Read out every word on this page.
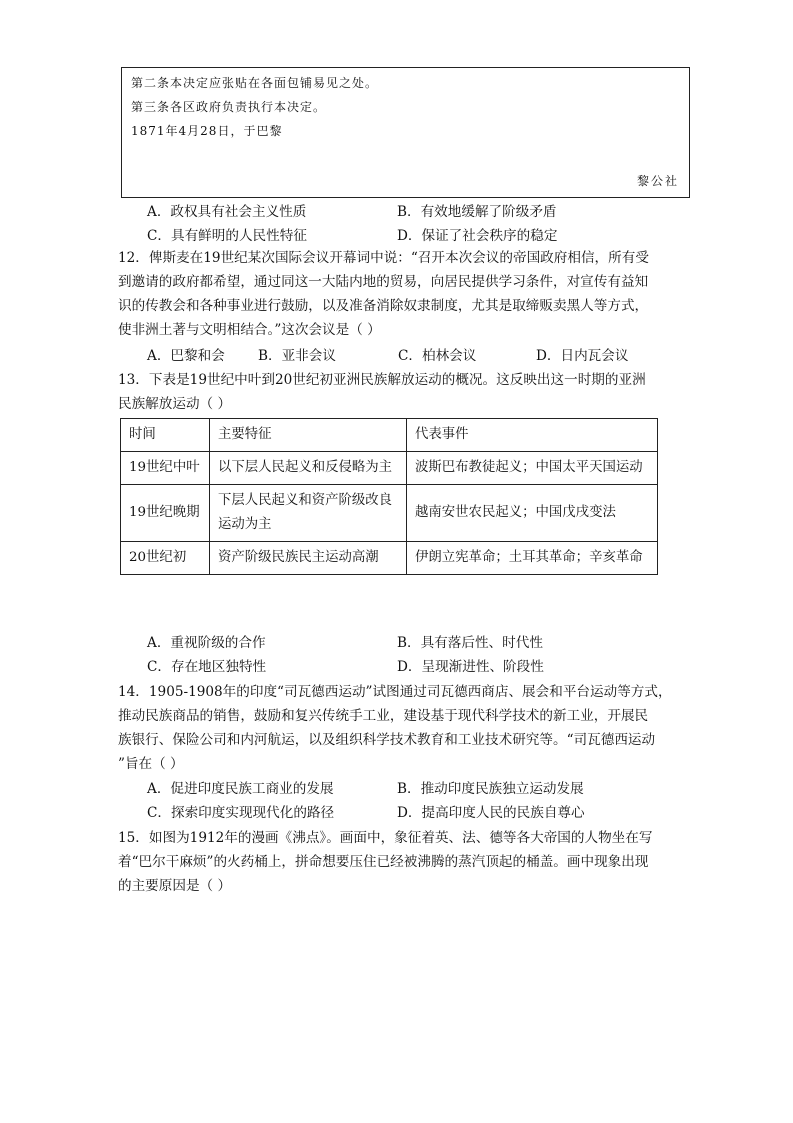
第二条本决定应张贴在各面包铺易见之处。
第三条各区政府负责执行本决定。
1871年4月28日，于巴黎
黎公社
A．政权具有社会主义性质	B．有效地缓解了阶级矛盾
C．具有鲜明的人民性特征	D．保证了社会秩序的稳定
12．俾斯麦在19世纪某次国际会议开幕词中说：“召开本次会议的帝国政府相信，所有受
到邀请的政府都希望，通过同这一大陆内地的贸易，向居民提供学习条件，对宣传有益知
识的传教会和各种事业进行鼓励，以及准备消除奴隶制度，尤其是取缔贩卖黑人等方式，
使非洲土著与文明相结合。”这次会议是（ ）
A．巴黎和会 B．亚非会议	C．柏林会议	D．日内瓦会议
13．下表是19世纪中叶到20世纪初亚洲民族解放运动的概况。这反映出这一时期的亚洲
民族解放运动（ ）
时间	主要特征	代表事件
19世纪中叶	以下层人民起义和反侵略为主	波斯巴布教徒起义；中国太平天国运动
19世纪晚期	下层人民起义和资产阶级改良运动为主	越南安世农民起义；中国戊戌变法
20世纪初	资产阶级民族民主运动高潮	伊朗立宪革命；土耳其革命；辛亥革命
A．重视阶级的合作	B．具有落后性、时代性
C．存在地区独特性	D．呈现渐进性、阶段性
14．1905-1908年的印度“司瓦德西运动”试图通过司瓦德西商店、展会和平台运动等方式，
推动民族商品的销售，鼓励和复兴传统手工业，建设基于现代科学技术的新工业，开展民
族银行、保险公司和内河航运，以及组织科学技术教育和工业技术研究等。“司瓦德西运动
”旨在（ ）
A．促进印度民族工商业的发展	B．推动印度民族独立运动发展
C．探索印度实现现代化的路径	D．提高印度人民的民族自尊心
15．如图为1912年的漫画《沸点》。画面中，象征着英、法、德等各大帝国的人物坐在写
着“巴尔干麻烦”的火药桶上，拼命想要压住已经被沸腾的蒸汽顶起的桶盖。画中现象出现
的主要原因是（ ）
